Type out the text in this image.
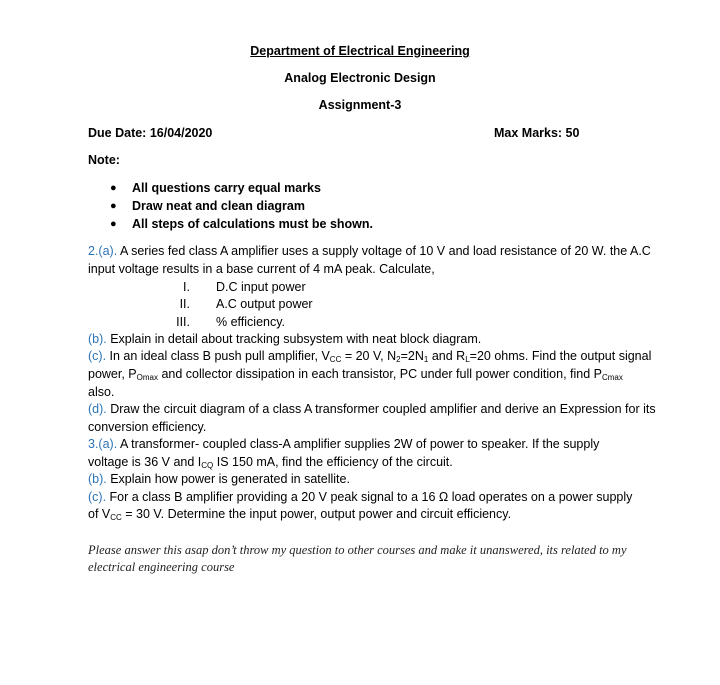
Department of Electrical Engineering
Analog Electronic Design
Assignment-3
Due Date: 16/04/2020	Max Marks: 50
Note:
● All questions carry equal marks
● Draw neat and clean diagram
● All steps of calculations must be shown.
2.(a). A series fed class A amplifier uses a supply voltage of 10 V and load resistance of 20 W. the A.C
input voltage results in a base current of 4 mA peak. Calculate,
I. D.C input power
II. A.C output power
III. % efficiency.
(b). Explain in detail about tracking subsystem with neat block diagram.
(c). In an ideal class B push pull amplifier, $V_{CC} = 20$ V, $N_2=2N_1$ and $R_L=20$ ohms. Find the output signal
power, $P_{Omax}$ and collector dissipation in each transistor, PC under full power condition, find $P_{Cmax}$
also.
(d). Draw the circuit diagram of a class A transformer coupled amplifier and derive an Expression for its
conversion efficiency.
3.(a). A transformer- coupled class-A amplifier supplies 2W of power to speaker. If the supply
voltage is 36 V and $I_{CQ}$ IS 150 mA, find the efficiency of the circuit.
(b). Explain how power is generated in satellite.
(c). For a class B amplifier providing a 20 V peak signal to a 16 Ω load operates on a power supply
of $V_{CC} = 30$ V. Determine the input power, output power and circuit efficiency.
Please answer this asap don’t throw my question to other courses and make it unanswered, its related to my
electrical engineering course
